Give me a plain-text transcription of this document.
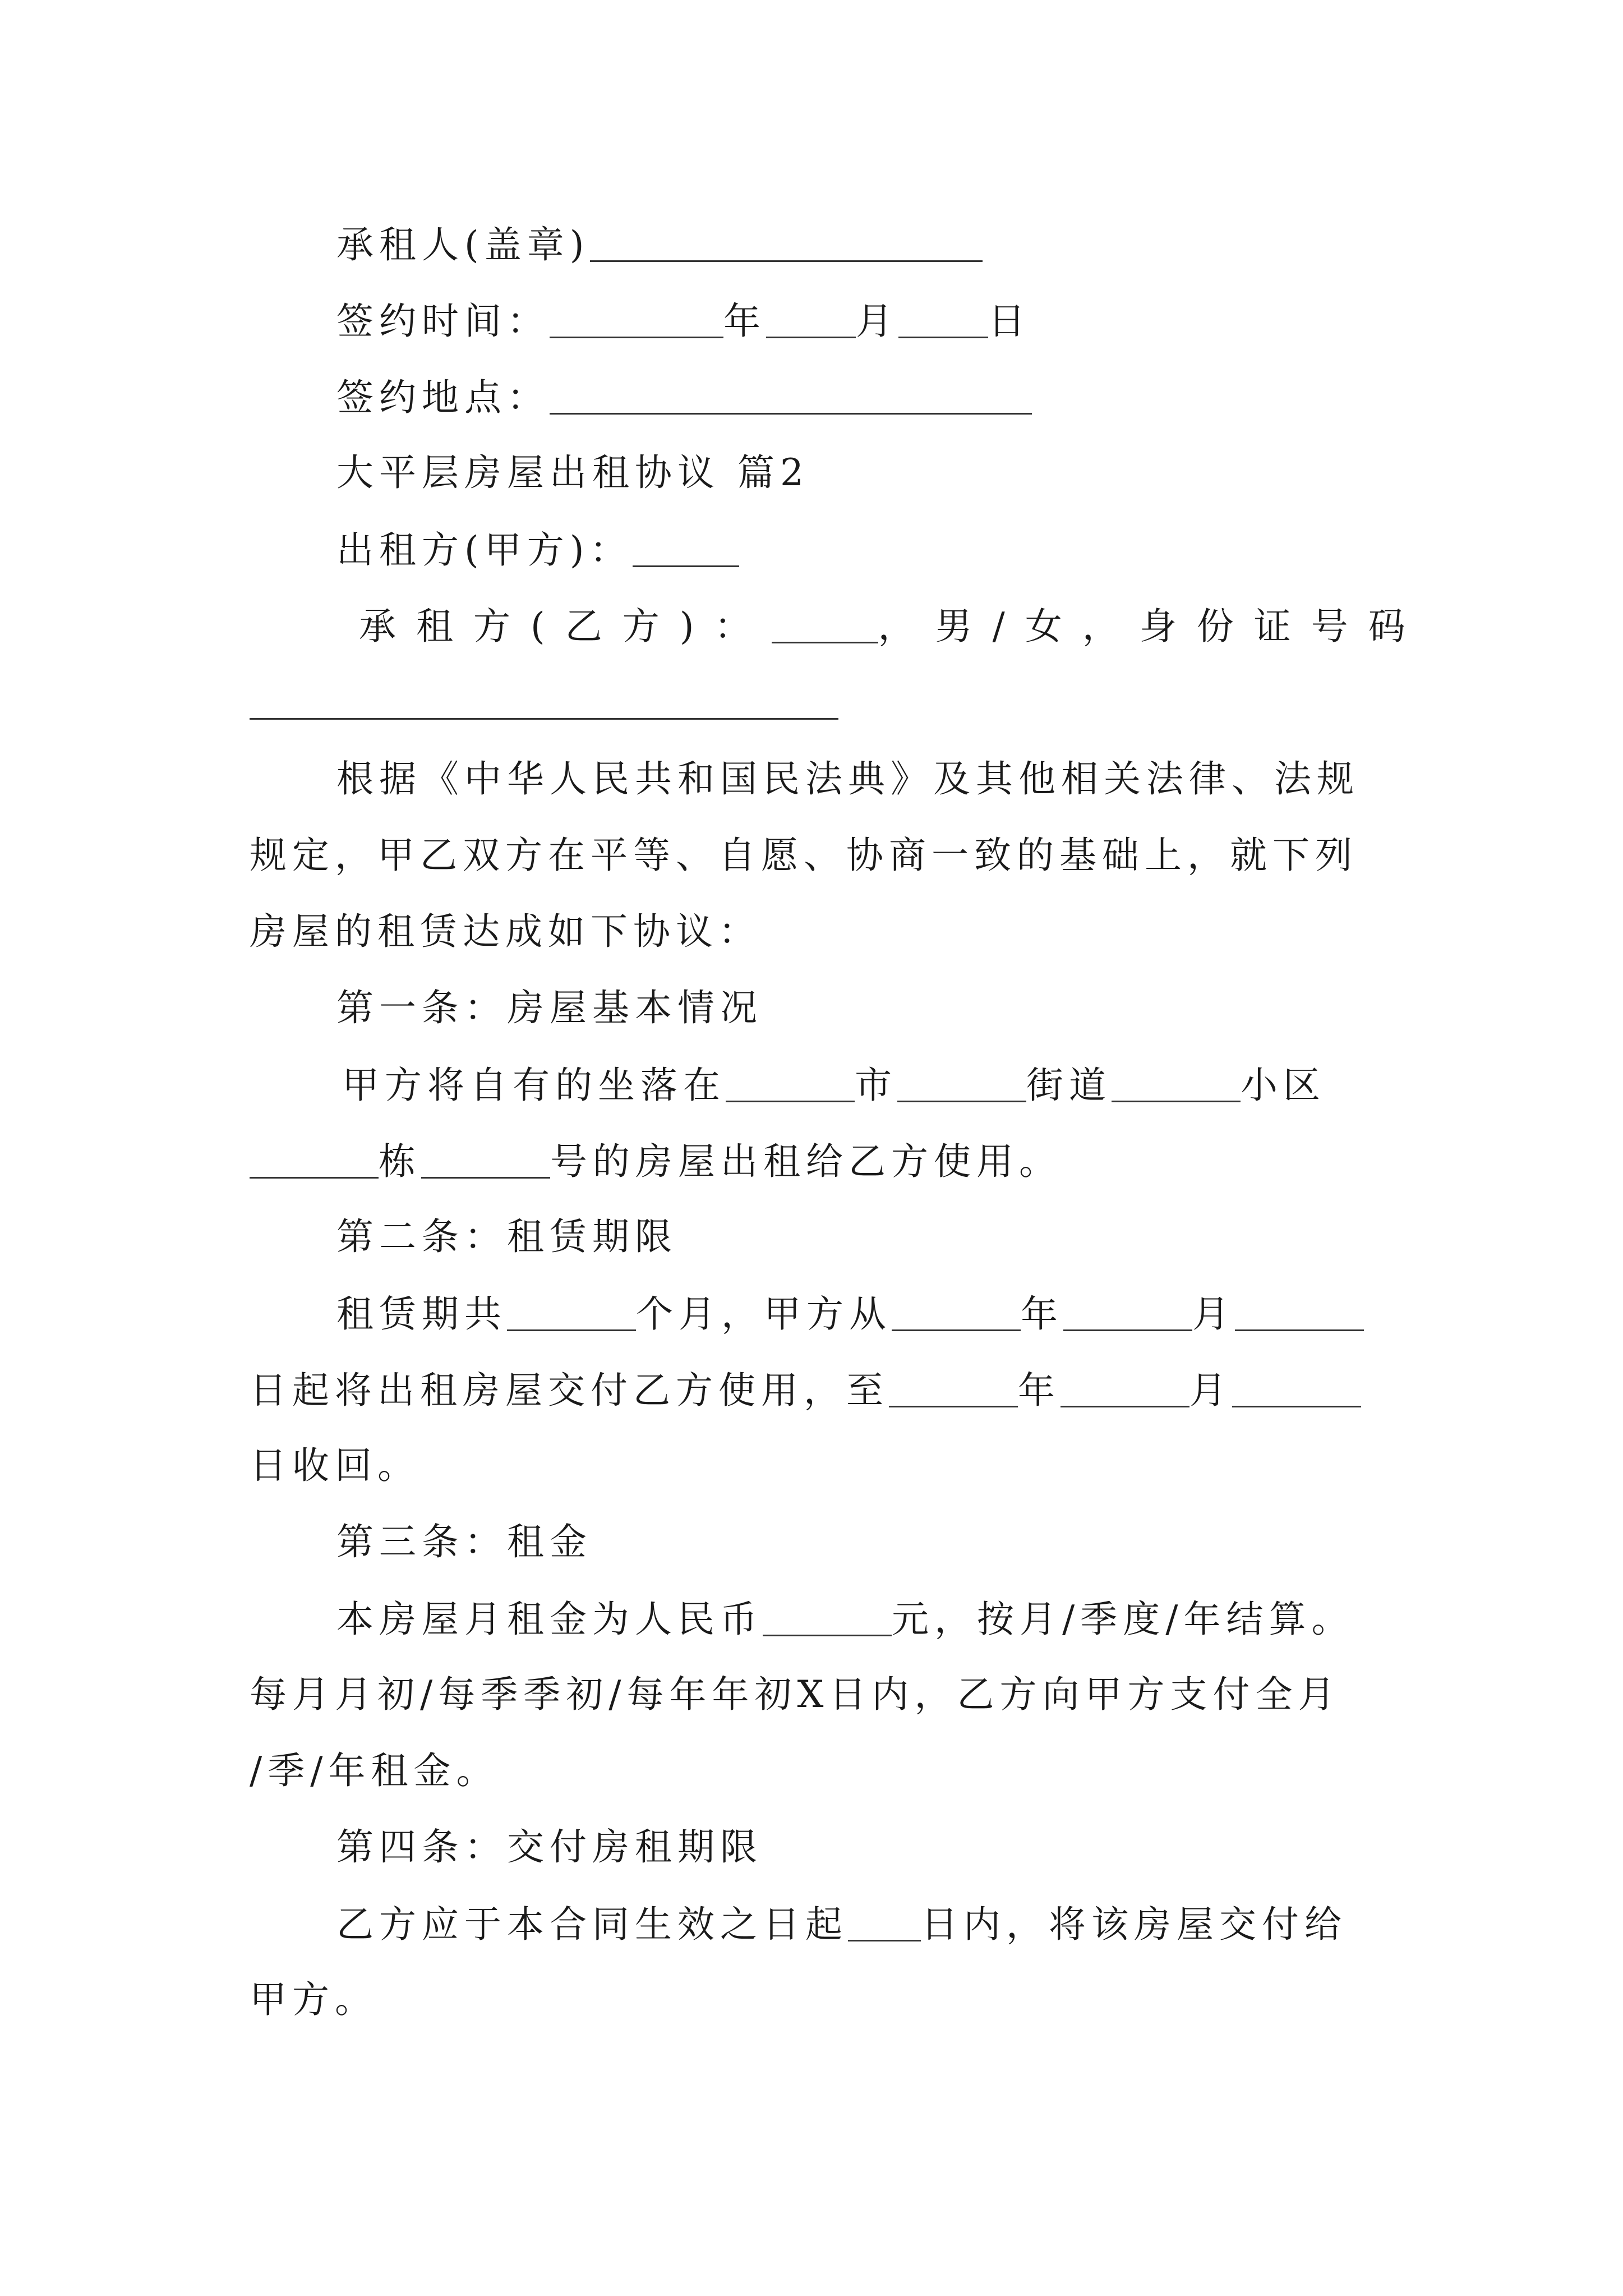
承租人(盖章)
签约时间：	年 月 日
签约地点：
大平层房屋出租协议 篇2
出租方(甲方)：
承租方(乙方)：	，男/女，身份证号码
根据《中华人民共和国民法典》及其他相关法律、法规
规定，甲乙双方在平等、自愿、协商一致的基础上，就下列
房屋的租赁达成如下协议：
第一条：房屋基本情况
甲方将自有的坐落在	市	街道	小区
栋	号的房屋出租给乙方使用。
第二条：租赁期限
租赁期共	个月，甲方从	年	月
日起将出租房屋交付乙方使用，至	年	月
日收回。
第三条：租金
本房屋月租金为人民币	元，按月/季度/年结算。
每月月初/每季季初/每年年初X日内，乙方向甲方支付全月
/季/年租金。
第四条：交付房租期限
乙方应于本合同生效之日起 日内，将该房屋交付给
甲方。
